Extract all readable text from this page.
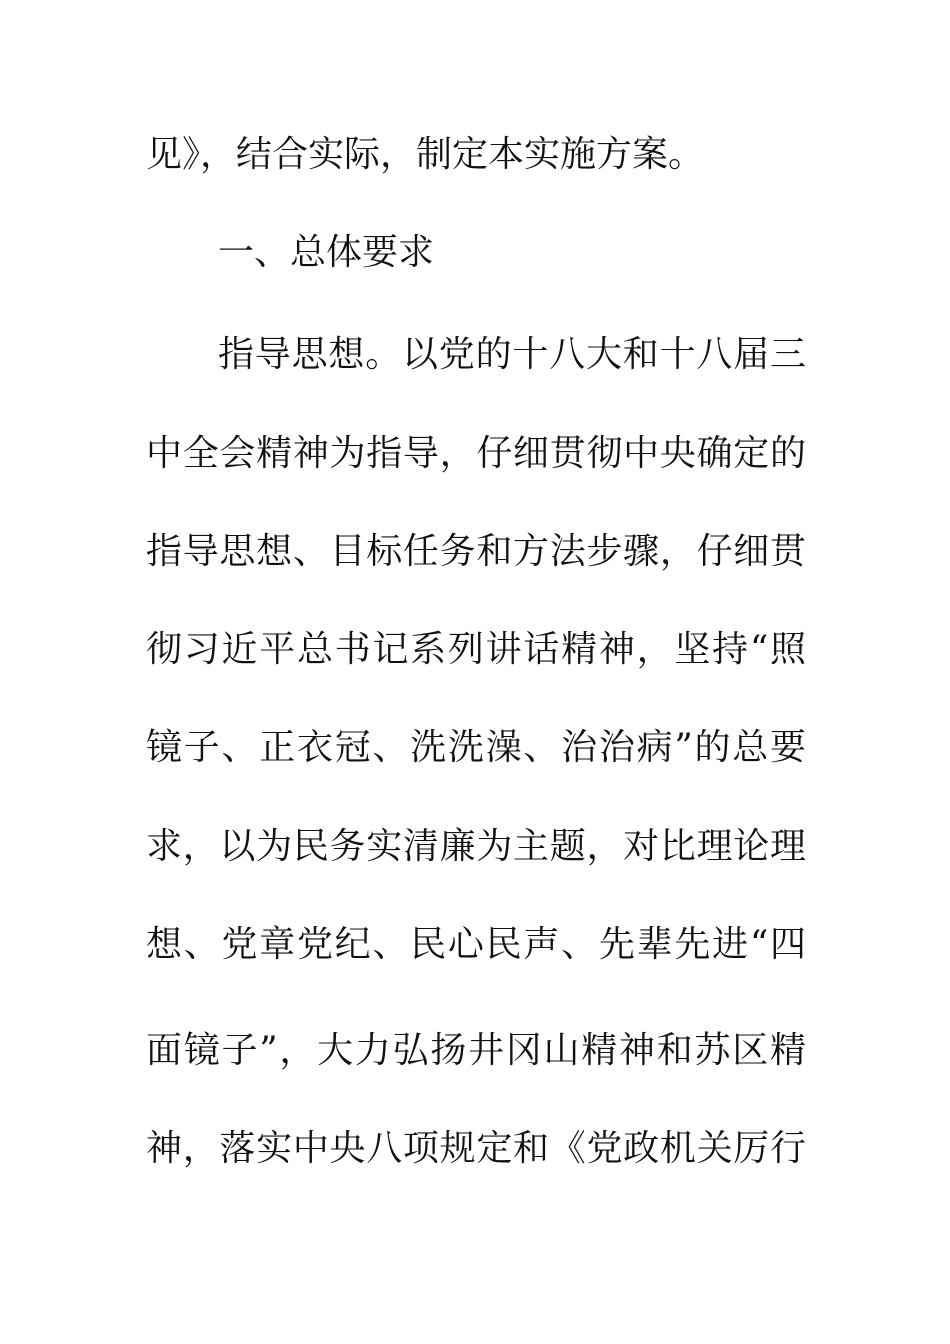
见》，结合实际，制定本实施方案。
一、总体要求
指导思想。以党的十八大和十八届三
中全会精神为指导，仔细贯彻中央确定的
指导思想、目标任务和方法步骤，仔细贯
彻习近平总书记系列讲话精神，坚持“照
镜子、正衣冠、洗洗澡、治治病”的总要
求，以为民务实清廉为主题，对比理论理
想、党章党纪、民心民声、先辈先进“四
面镜子”，大力弘扬井冈山精神和苏区精
神，落实中央八项规定和《党政机关厉行
